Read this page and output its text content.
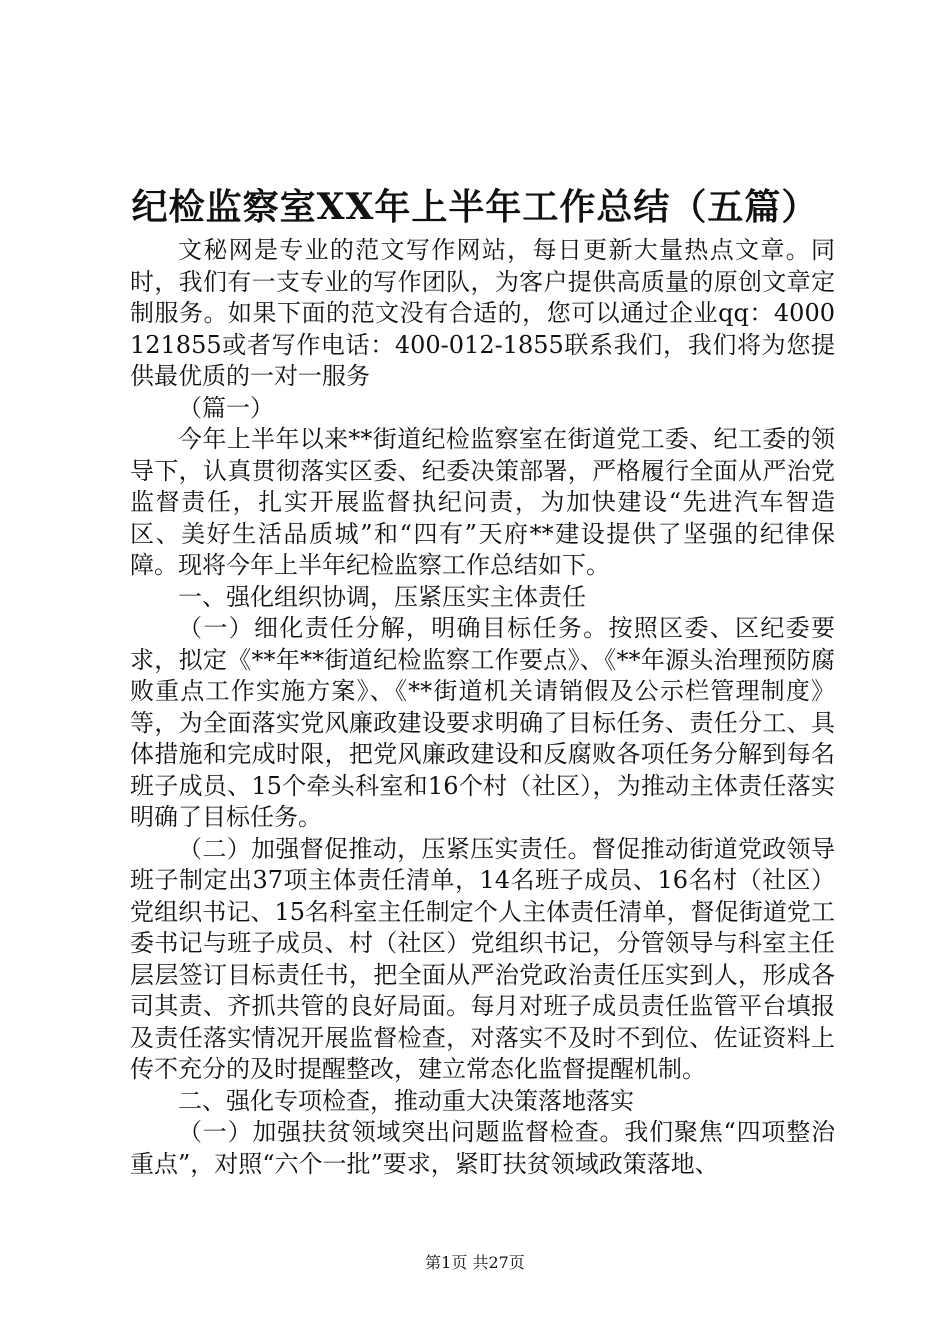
纪检监察室XX年上半年工作总结（五篇）

文秘网是专业的范文写作网站，每日更新大量热点文章。同时，我们有一支专业的写作团队，为客户提供高质量的原创文章定制服务。如果下面的范文没有合适的，您可以通过企业qq：4000121855或者写作电话：400-012-1855联系我们，我们将为您提供最优质的一对一服务

（篇一）

今年上半年以来**街道纪检监察室在街道党工委、纪工委的领导下，认真贯彻落实区委、纪委决策部署，严格履行全面从严治党监督责任，扎实开展监督执纪问责，为加快建设“先进汽车智造区、美好生活品质城”和“四有”天府**建设提供了坚强的纪律保障。现将今年上半年纪检监察工作总结如下。

一、强化组织协调，压紧压实主体责任

（一）细化责任分解，明确目标任务。按照区委、区纪委要求，拟定《**年**街道纪检监察工作要点》、《**年源头治理预防腐败重点工作实施方案》、《**街道机关请销假及公示栏管理制度》等，为全面落实党风廉政建设要求明确了目标任务、责任分工、具体措施和完成时限，把党风廉政建设和反腐败各项任务分解到每名班子成员、15个牵头科室和16个村（社区），为推动主体责任落实明确了目标任务。

（二）加强督促推动，压紧压实责任。督促推动街道党政领导班子制定出37项主体责任清单，14名班子成员、16名村（社区）党组织书记、15名科室主任制定个人主体责任清单，督促街道党工委书记与班子成员、村（社区）党组织书记，分管领导与科室主任层层签订目标责任书，把全面从严治党政治责任压实到人，形成各司其责、齐抓共管的良好局面。每月对班子成员责任监管平台填报及责任落实情况开展监督检查，对落实不及时不到位、佐证资料上传不充分的及时提醒整改，建立常态化监督提醒机制。

二、强化专项检查，推动重大决策落地落实

（一）加强扶贫领域突出问题监督检查。我们聚焦“四项整治重点”，对照“六个一批”要求，紧盯扶贫领域政策落地、

第1页 共27页
